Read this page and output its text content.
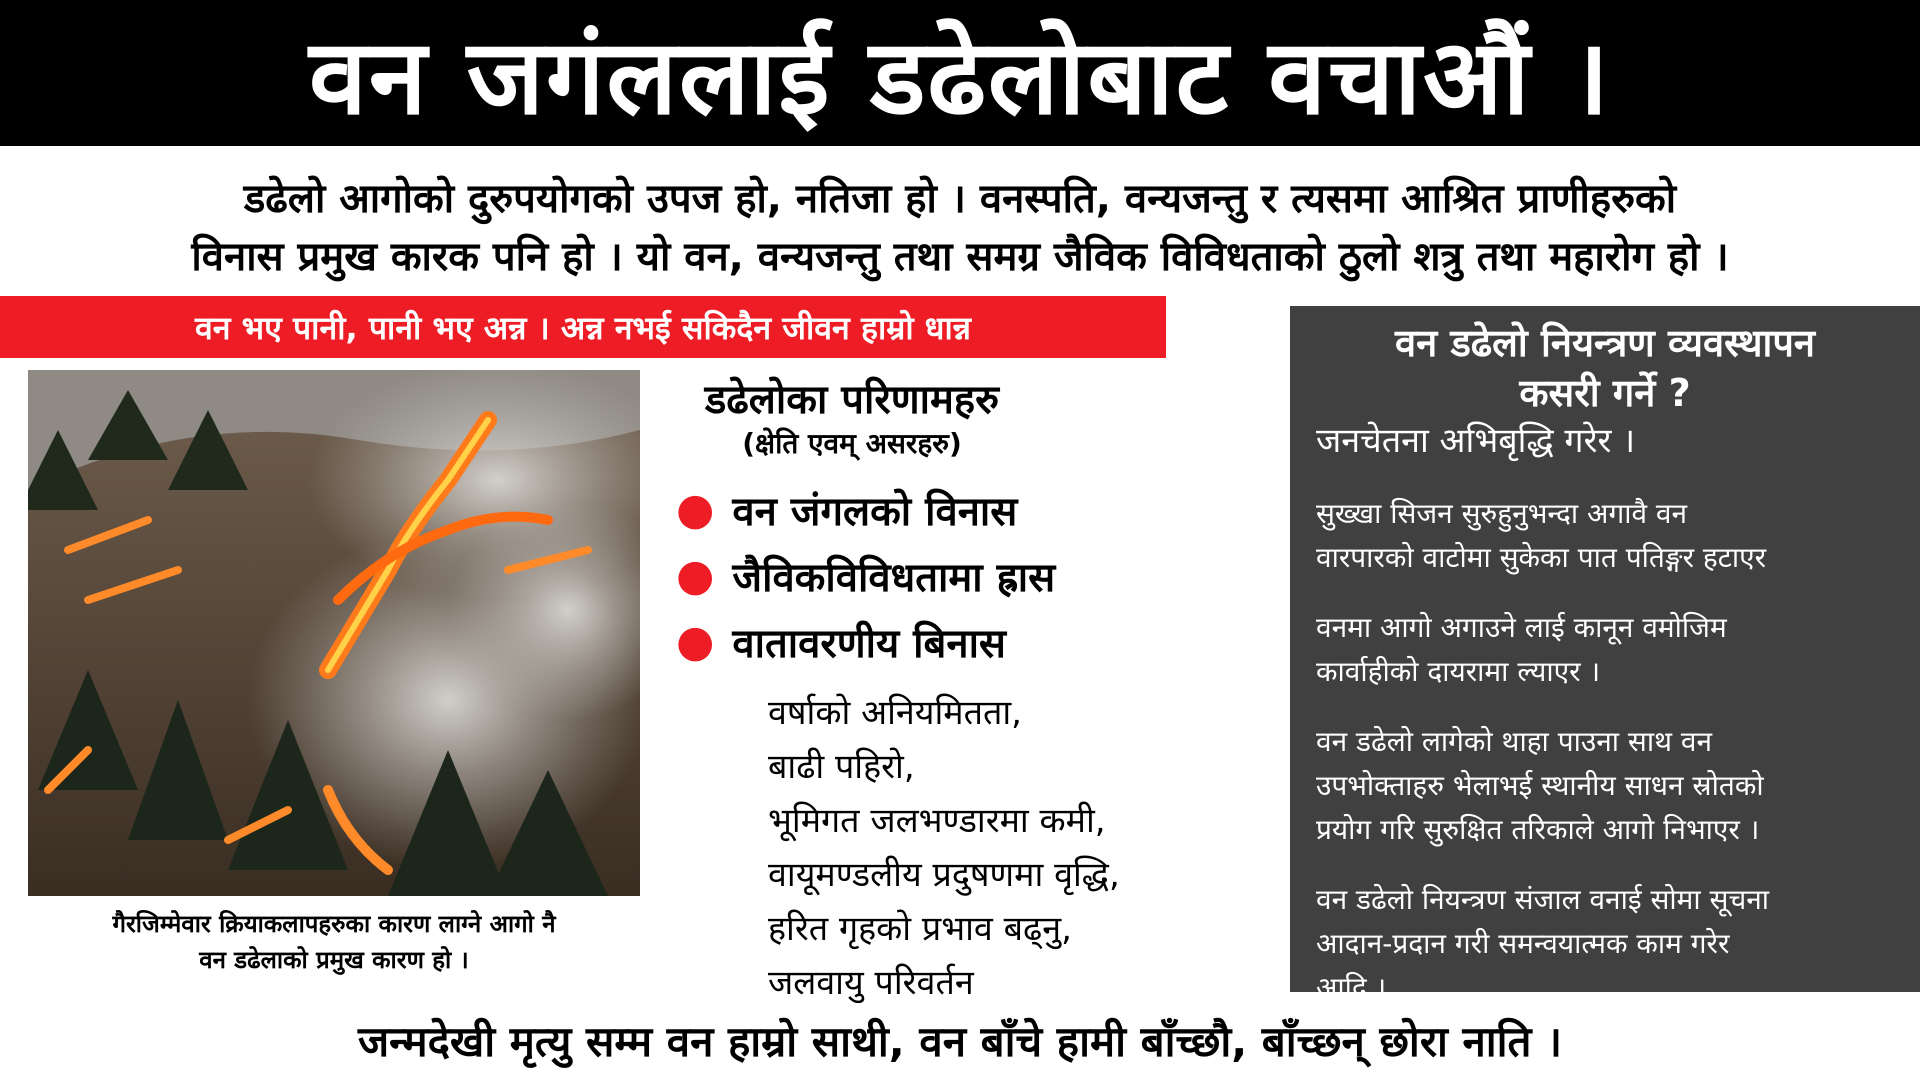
वन जगंललाई डढेलोबाट वचाऔं ।
डढेलो आगोको दुरुपयोगको उपज हो, नतिजा हो । वनस्पति, वन्यजन्तु र त्यसमा आश्रित प्राणीहरुको
विनास प्रमुख कारक पनि हो । यो वन, वन्यजन्तु तथा समग्र जैविक विविधताको ठुलो शत्रु तथा महारोग हो ।
वन भए पानी, पानी भए अन्न । अन्न नभई सकिदैन जीवन हाम्रो धान्न
गैरजिम्मेवार क्रियाकलापहरुका कारण लाग्ने आगो नै
वन डढेलाको प्रमुख कारण हो ।
डढेलोका परिणामहरु
(क्षेति एवम् असरहरु)
● वन जंगलको विनास
● जैविकविविधतामा ह्रास
● वातावरणीय बिनास
वर्षाको अनियमितता,
बाढी पहिरो,
भूमिगत जलभण्डारमा कमी,
वायूमण्डलीय प्रदुषणमा वृद्धि,
हरित गृहको प्रभाव बढ्नु,
जलवायु परिवर्तन
वन डढेलो नियन्त्रण व्यवस्थापन
कसरी गर्ने ?
जनचेतना अभिबृद्धि गरेर ।
सुख्खा सिजन सुरुहुनुभन्दा अगावै वन
वारपारको वाटोमा सुकेका पात पतिङ्गर हटाएर
वनमा आगो अगाउने लाई कानून वमोजिम
कार्वाहीको दायरामा ल्याएर ।
वन डढेलो लागेको थाहा पाउना साथ वन
उपभोक्ताहरु भेलाभई स्थानीय साधन स्रोतको
प्रयोग गरि सुरुक्षित तरिकाले आगो निभाएर ।
वन डढेलो नियन्त्रण संजाल वनाई सोमा सूचना
आदान-प्रदान गरी समन्वयात्मक काम गरेर
आदि ।
जन्मदेखी मृत्यु सम्म वन हाम्रो साथी, वन बाँचे हामी बाँच्छौ, बाँच्छन् छोरा नाति ।
